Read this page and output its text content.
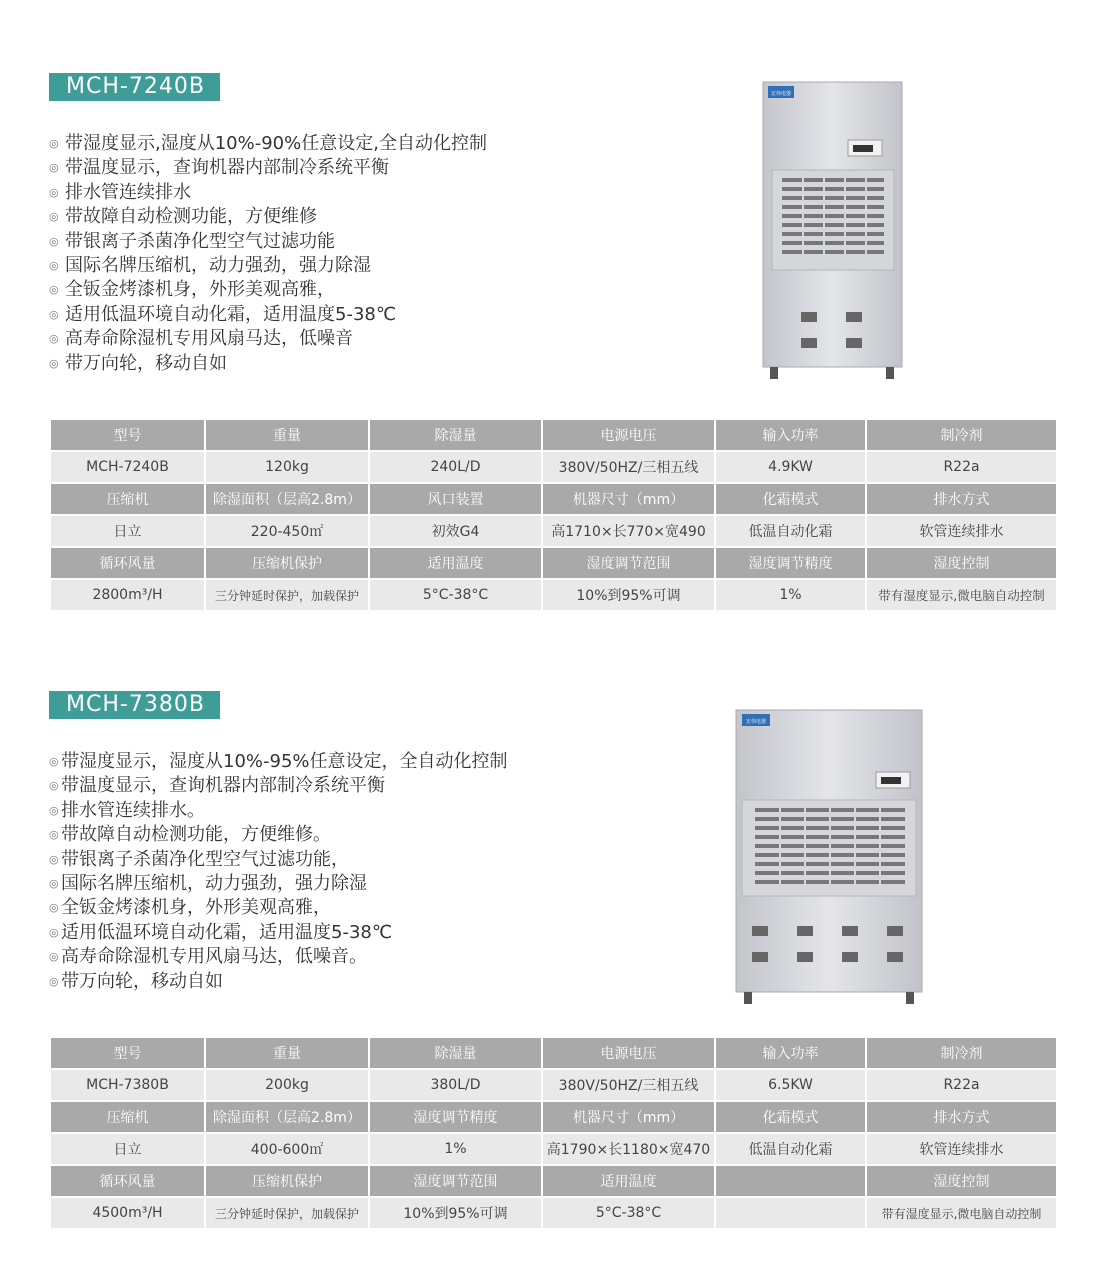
MCH-7240B
◎ 带湿度显示,湿度从10%-90%任意设定,全自动化控制
◎ 带温度显示，查询机器内部制冷系统平衡
◎ 排水管连续排水
◎ 带故障自动检测功能，方便维修
◎ 带银离子杀菌净化型空气过滤功能
◎ 国际名牌压缩机，动力强劲，强力除湿
◎ 全钣金烤漆机身，外形美观高雅，
◎ 适用低温环境自动化霜，适用温度5-38℃
◎ 高寿命除湿机专用风扇马达，低噪音
◎ 带万向轮，移动自如
宏伟电器
型号	重量	除湿量	电源电压	输入功率	制冷剂
MCH-7240B	120kg	240L/D	380V/50HZ/三相五线	4.9KW	R22a
压缩机	除湿面积（层高2.8m）	风口装置	机器尺寸（mm）	化霜模式	排水方式
日立	220-450㎡	初效G4	高1710×长770×宽490	低温自动化霜	软管连续排水
循环风量	压缩机保护	适用温度	湿度调节范围	湿度调节精度	湿度控制
2800m³/H	三分钟延时保护，加载保护	5°C-38°C	10%到95%可调	1%	带有湿度显示,微电脑自动控制
MCH-7380B
◎ 带湿度显示，湿度从10%-95%任意设定，全自动化控制
◎ 带温度显示，查询机器内部制冷系统平衡
◎ 排水管连续排水。
◎ 带故障自动检测功能，方便维修。
◎ 带银离子杀菌净化型空气过滤功能，
◎ 国际名牌压缩机，动力强劲，强力除湿
◎ 全钣金烤漆机身，外形美观高雅，
◎ 适用低温环境自动化霜，适用温度5-38℃
◎ 高寿命除湿机专用风扇马达，低噪音。
◎ 带万向轮，移动自如
宏伟电器
型号	重量	除湿量	电源电压	输入功率	制冷剂
MCH-7380B	200kg	380L/D	380V/50HZ/三相五线	6.5KW	R22a
压缩机	除湿面积（层高2.8m）	湿度调节精度	机器尺寸（mm）	化霜模式	排水方式
日立	400-600㎡	1%	高1790×长1180×宽470	低温自动化霜	软管连续排水
循环风量	压缩机保护	湿度调节范围	适用温度		湿度控制
4500m³/H	三分钟延时保护，加载保护	10%到95%可调	5°C-38°C		带有湿度显示,微电脑自动控制
